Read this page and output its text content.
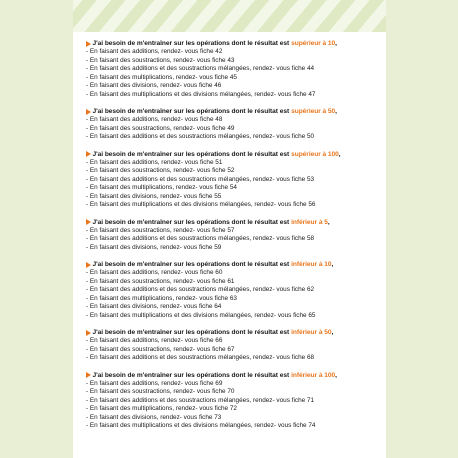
J'ai besoin de m'entraîner sur les opérations dont le résultat est supérieur à 10 ,
- En faisant des additions, rendez- vous fiche 42
- En faisant des soustractions, rendez- vous fiche 43
- En faisant des additions et des soustractions mélangées, rendez- vous fiche 44
- En faisant des multiplications, rendez- vous fiche 45
- En faisant des divisions, rendez- vous fiche 46
- En faisant des multiplications et des divisions mélangées, rendez- vous fiche 47
J'ai besoin de m'entraîner sur les opérations dont le résultat est supérieur à 50 ,
- En faisant des additions, rendez- vous fiche 48
- En faisant des soustractions, rendez- vous fiche 49
- En faisant des additions et des soustractions mélangées, rendez- vous fiche 50
J'ai besoin de m'entraîner sur les opérations dont le résultat est supérieur à 100 ,
- En faisant des additions, rendez- vous fiche 51
- En faisant des soustractions, rendez- vous fiche 52
- En faisant des additions et des soustractions mélangées, rendez- vous fiche 53
- En faisant des multiplications, rendez- vous fiche 54
- En faisant des divisions, rendez- vous fiche 55
- En faisant des multiplications et des divisions mélangées, rendez- vous fiche 56
J'ai besoin de m'entraîner sur les opérations dont le résultat est inférieur à 5 ,
- En faisant des soustractions, rendez- vous fiche 57
- En faisant des additions et des soustractions mélangées, rendez- vous fiche 58
- En faisant des divisions, rendez- vous fiche 59
J'ai besoin de m'entraîner sur les opérations dont le résultat est inférieur à 10 ,
- En faisant des additions, rendez- vous fiche 60
- En faisant des soustractions, rendez- vous fiche 61
- En faisant des additions et des soustractions mélangées, rendez- vous fiche 62
- En faisant des multiplications, rendez- vous fiche 63
- En faisant des divisions, rendez- vous fiche 64
- En faisant des multiplications et des divisions mélangées, rendez- vous fiche 65
J'ai besoin de m'entraîner sur les opérations dont le résultat est inférieur à 50 ,
- En faisant des additions, rendez- vous fiche 66
- En faisant des soustractions, rendez- vous fiche 67
- En faisant des additions et des soustractions mélangées, rendez- vous fiche 68
J'ai besoin de m'entraîner sur les opérations dont le résultat est inférieur à 100 ,
- En faisant des additions, rendez- vous fiche 69
- En faisant des soustractions, rendez- vous fiche 70
- En faisant des additions et des soustractions mélangées, rendez- vous fiche 71
- En faisant des multiplications, rendez- vous fiche 72
- En faisant des divisions, rendez- vous fiche 73
- En faisant des multiplications et des divisions mélangées, rendez- vous fiche 74
